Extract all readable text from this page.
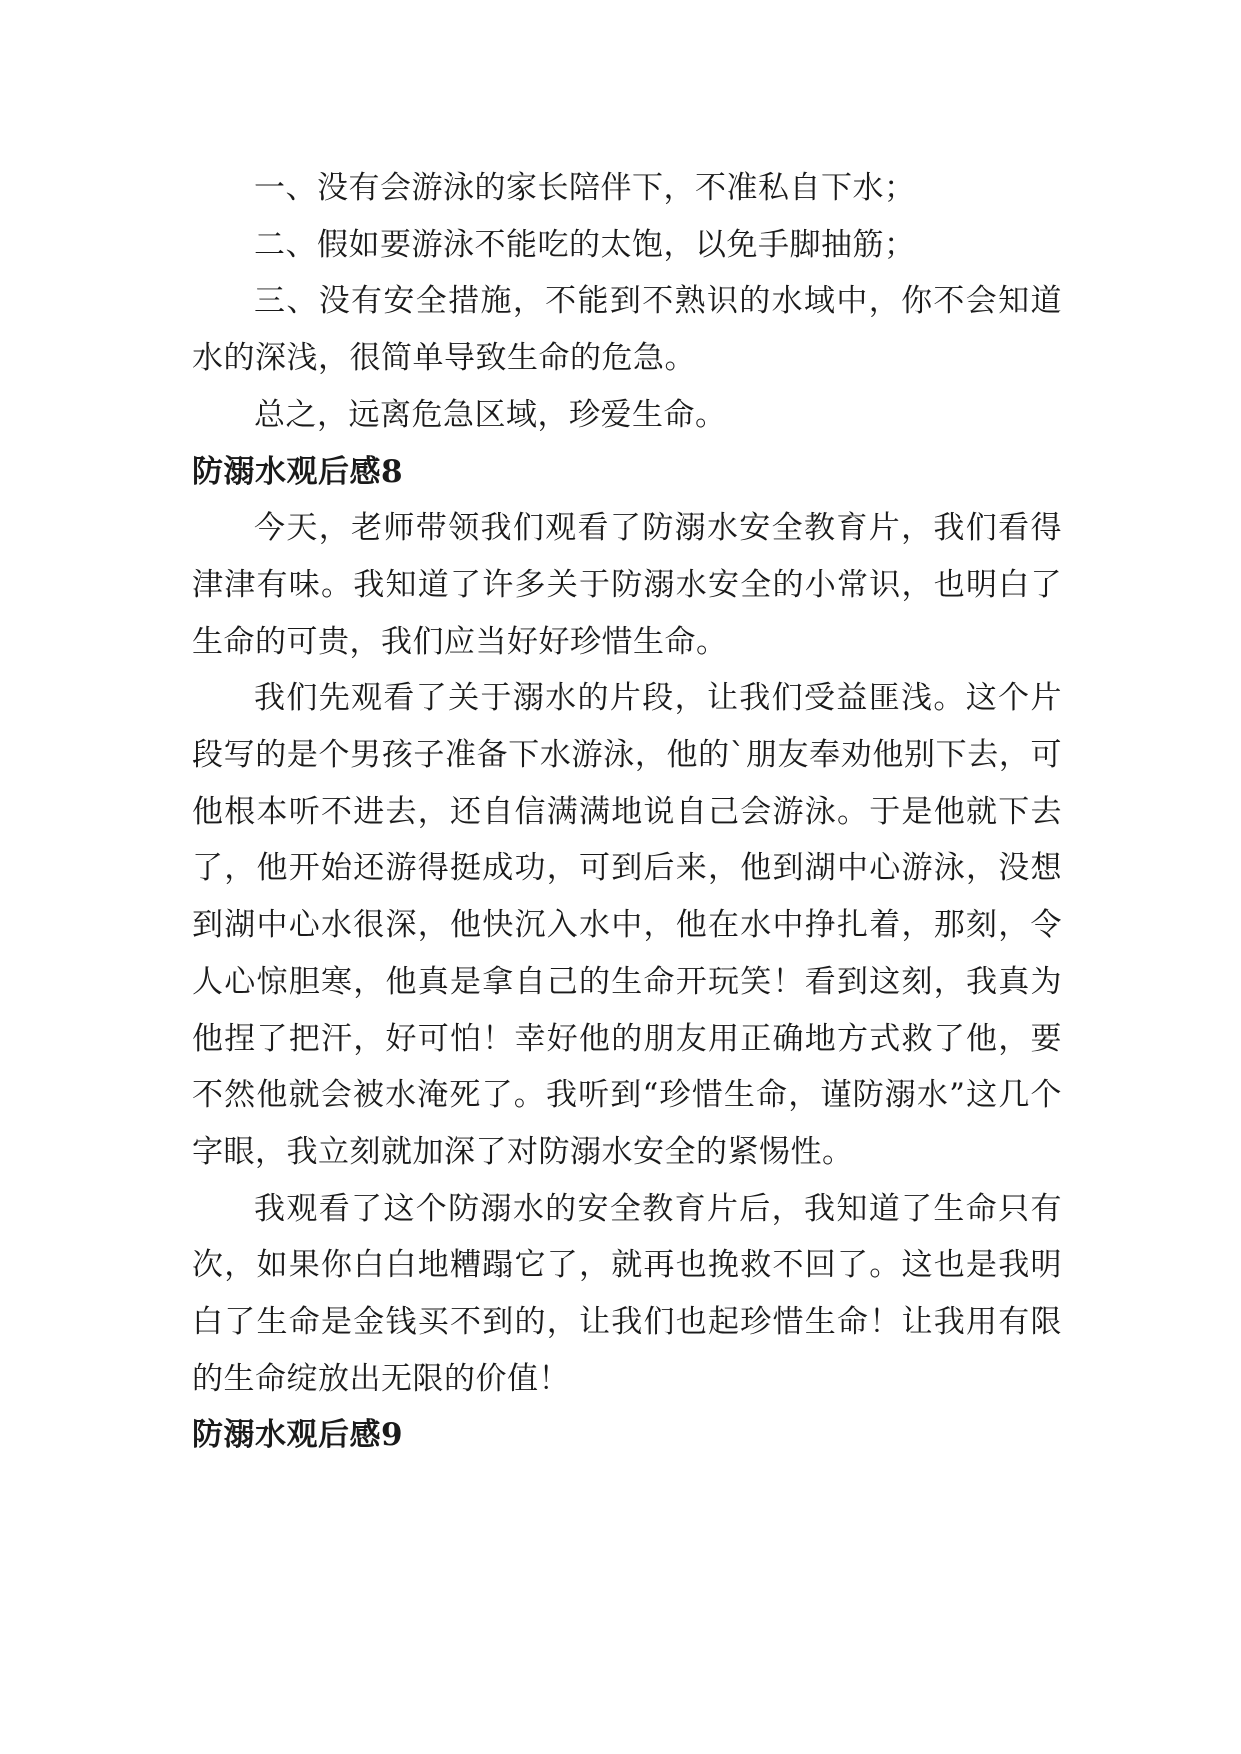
一、没有会游泳的家长陪伴下，不准私自下水；

二、假如要游泳不能吃的太饱，以免手脚抽筋；

三、没有安全措施，不能到不熟识的水域中，你不会知道水的深浅，很简单导致生命的危急。

总之，远离危急区域，珍爱生命。

防溺水观后感8

今天，老师带领我们观看了防溺水安全教育片，我们看得津津有味。我知道了许多关于防溺水安全的小常识，也明白了生命的可贵，我们应当好好珍惜生命。

我们先观看了关于溺水的片段，让我们受益匪浅。这个片段写的是个男孩子准备下水游泳，他的`朋友奉劝他别下去，可他根本听不进去，还自信满满地说自己会游泳。于是他就下去了，他开始还游得挺成功，可到后来，他到湖中心游泳，没想到湖中心水很深，他快沉入水中，他在水中挣扎着，那刻，令人心惊胆寒，他真是拿自己的生命开玩笑！看到这刻，我真为他捏了把汗，好可怕！幸好他的朋友用正确地方式救了他，要不然他就会被水淹死了。我听到“珍惜生命，谨防溺水”这几个字眼，我立刻就加深了对防溺水安全的紧惕性。

我观看了这个防溺水的安全教育片后，我知道了生命只有次，如果你白白地糟蹋它了，就再也挽救不回了。这也是我明白了生命是金钱买不到的，让我们也起珍惜生命！让我用有限的生命绽放出无限的价值！

防溺水观后感9
